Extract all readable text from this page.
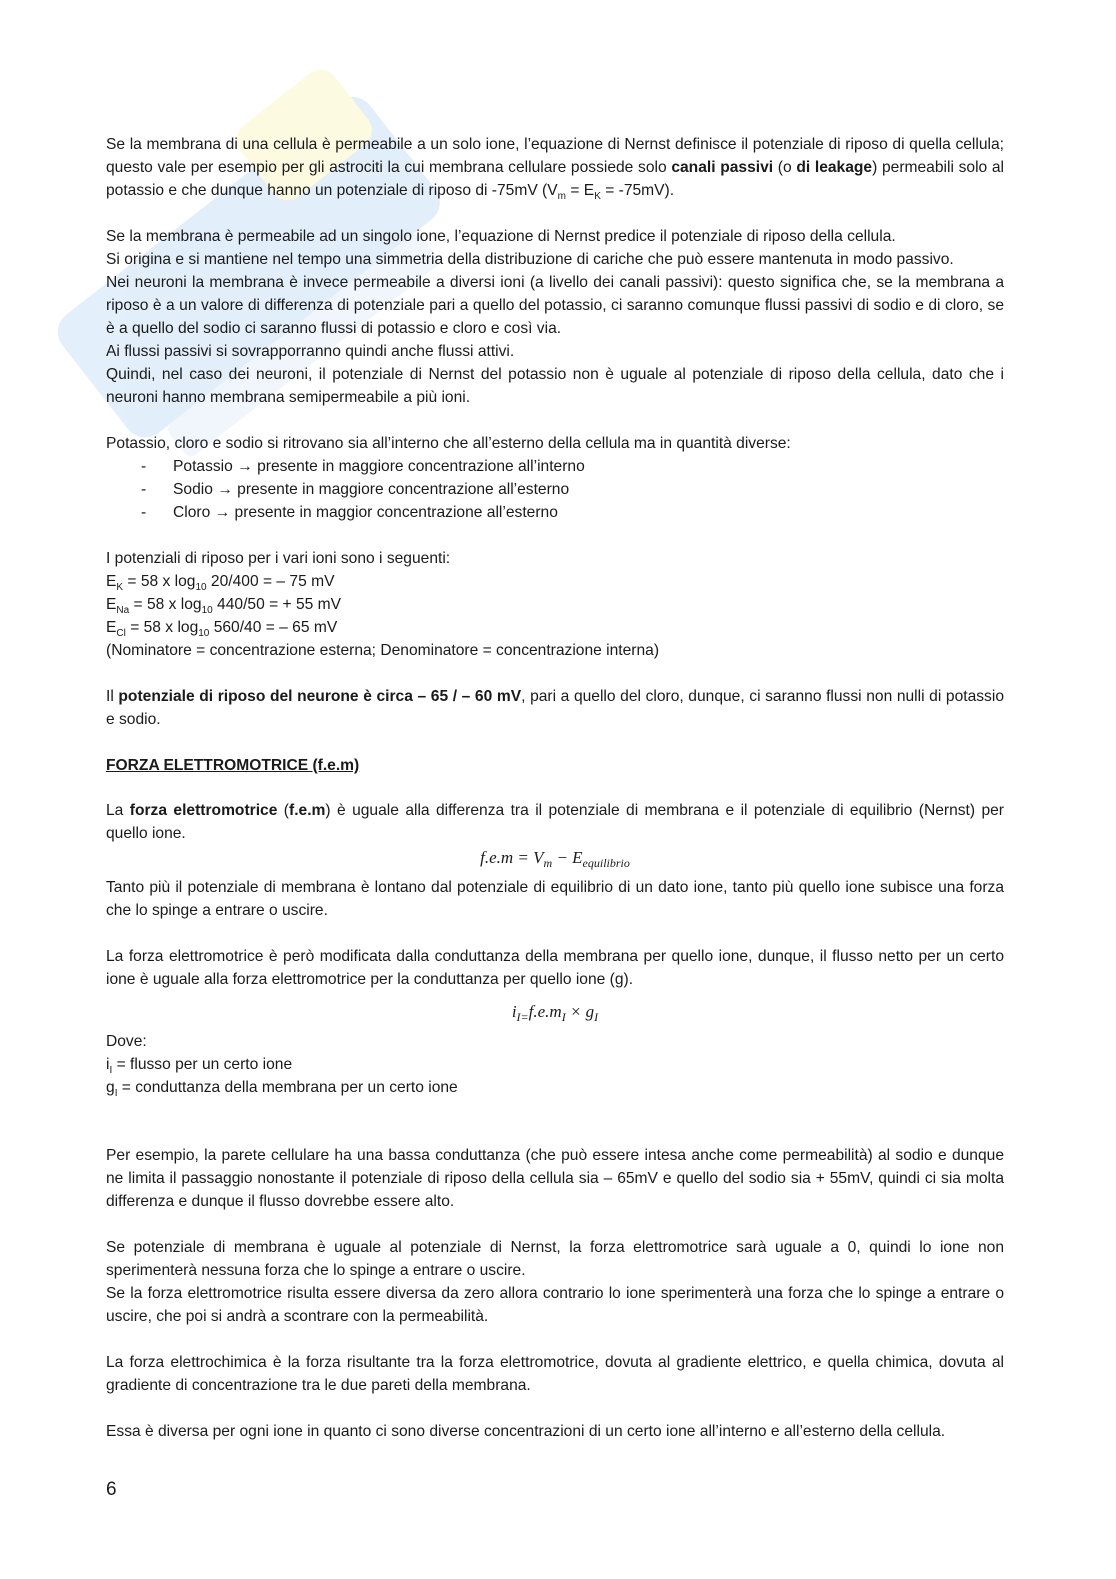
Se la membrana di una cellula è permeabile a un solo ione, l’equazione di Nernst definisce il potenziale di riposo di quella cellula; questo vale per esempio per gli astrociti la cui membrana cellulare possiede solo canali passivi (o di leakage) permeabili solo al potassio e che dunque hanno un potenziale di riposo di -75mV $(V_m = E_K = -75mV)$.

Se la membrana è permeabile ad un singolo ione, l’equazione di Nernst predice il potenziale di riposo della cellula.

Si origina e si mantiene nel tempo una simmetria della distribuzione di cariche che può essere mantenuta in modo passivo.

Nei neuroni la membrana è invece permeabile a diversi ioni (a livello dei canali passivi): questo significa che, se la membrana a riposo è a un valore di differenza di potenziale pari a quello del potassio, ci saranno comunque flussi passivi di sodio e di cloro, se è a quello del sodio ci saranno flussi di potassio e cloro e così via.

Ai flussi passivi si sovrapporranno quindi anche flussi attivi.

Quindi, nel caso dei neuroni, il potenziale di Nernst del potassio non è uguale al potenziale di riposo della cellula, dato che i neuroni hanno membrana semipermeabile a più ioni.

Potassio, cloro e sodio si ritrovano sia all’interno che all’esterno della cellula ma in quantità diverse:

- Potassio → presente in maggiore concentrazione all’interno
- Sodio → presente in maggiore concentrazione all’esterno
- Cloro → presente in maggior concentrazione all’esterno

I potenziali di riposo per i vari ioni sono i seguenti:

$E_K = 58$ x $\log_{10} 20/400$ = – 75 mV

$E_{Na} = 58$ x $\log_{10} 440/50$ = + 55 mV

$E_{Cl} = 58$ x $\log_{10} 560/40$ = – 65 mV

(Nominatore = concentrazione esterna; Denominatore = concentrazione interna)

Il potenziale di riposo del neurone è circa – 65 / – 60 mV, pari a quello del cloro, dunque, ci saranno flussi non nulli di potassio e sodio.

FORZA ELETTROMOTRICE (f.e.m)

La forza elettromotrice (f.e.m) è uguale alla differenza tra il potenziale di membrana e il potenziale di equilibrio (Nernst) per quello ione.

$f.e.m = V_m - E_{equilibrio}$

Tanto più il potenziale di membrana è lontano dal potenziale di equilibrio di un dato ione, tanto più quello ione subisce una forza che lo spinge a entrare o uscire.

La forza elettromotrice è però modificata dalla conduttanza della membrana per quello ione, dunque, il flusso netto per un certo ione è uguale alla forza elettromotrice per la conduttanza per quello ione (g).

$i_{I=}f.e.m_I \times g_I$

Dove:

$i_I$ = flusso per un certo ione

$g_I$ = conduttanza della membrana per un certo ione

Per esempio, la parete cellulare ha una bassa conduttanza (che può essere intesa anche come permeabilità) al sodio e dunque ne limita il passaggio nonostante il potenziale di riposo della cellula sia – 65mV e quello del sodio sia + 55mV, quindi ci sia molta differenza e dunque il flusso dovrebbe essere alto.

Se potenziale di membrana è uguale al potenziale di Nernst, la forza elettromotrice sarà uguale a 0, quindi lo ione non sperimenterà nessuna forza che lo spinge a entrare o uscire.

Se la forza elettromotrice risulta essere diversa da zero allora contrario lo ione sperimenterà una forza che lo spinge a entrare o uscire, che poi si andrà a scontrare con la permeabilità.

La forza elettrochimica è la forza risultante tra la forza elettromotrice, dovuta al gradiente elettrico, e quella chimica, dovuta al gradiente di concentrazione tra le due pareti della membrana.

Essa è diversa per ogni ione in quanto ci sono diverse concentrazioni di un certo ione all’interno e all’esterno della cellula.

6
